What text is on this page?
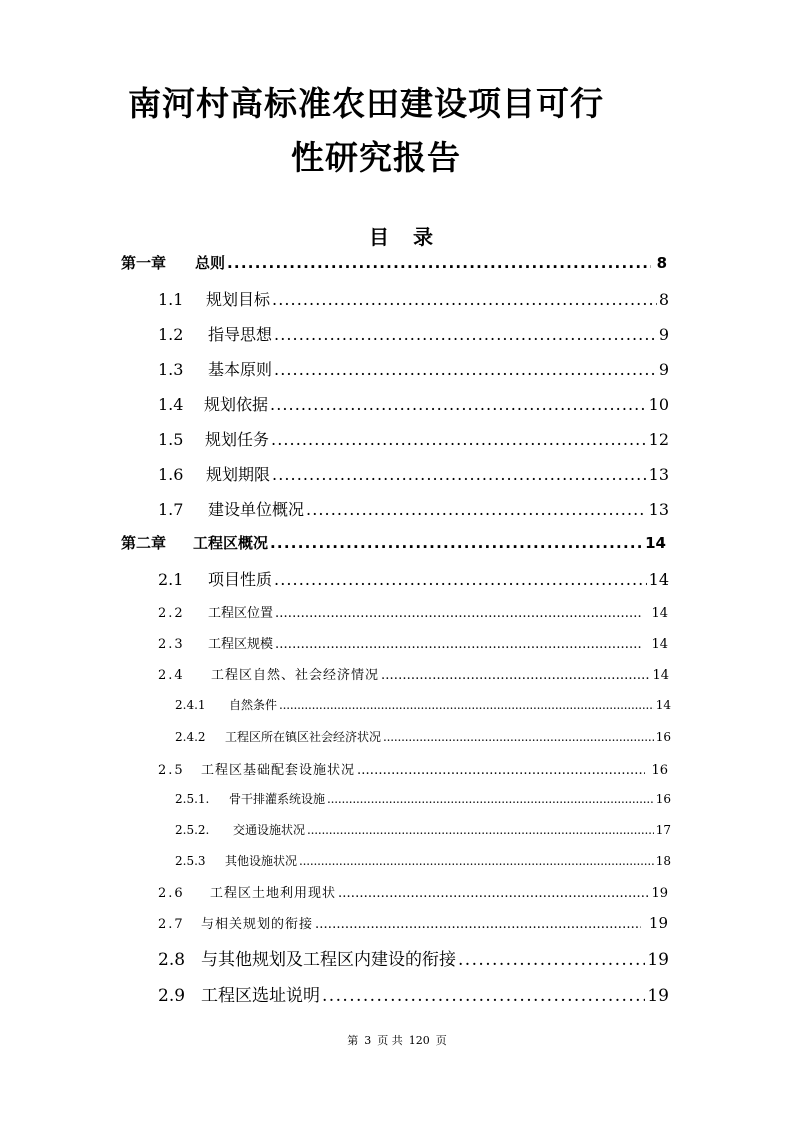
南河村高标准农田建设项目可行
性研究报告
目 录
第一章	总则 . . .	8
1.1	规划目标 . . .	8
1.2	指导思想 . . .	9
1.3	基本原则 . . .	9
1.4	规划依据 . . .	10
1.5	规划任务 . . .	12
1.6	规划期限 . . .	13
1.7	建设单位概况 . . .	13
第二章	工程区概况 . . .	14
2.1	项目性质 . . .	14
2.2	工程区位置 . . .	14
2.3	工程区规模 . . .	14
2.4	工程区自然、社会经济情况 . . .	14
2.4.1	自然条件 . . .	14
2.4.2	工程区所在镇区社会经济状况 . . .	16
2.5	工程区基础配套设施状况 . . .	16
2.5.1.	骨干排灌系统设施 . . .	16
2.5.2.	交通设施状况 . . .	17
2.5.3	其他设施状况 . . .	18
2.6	工程区土地利用现状 . . .	19
2.7	与相关规划的衔接 . . .	19
2.8 与其他规划及工程区内建设的衔接 . . .	19
2.9 工程区选址说明 . . .	19
第 3 页 共 120 页
